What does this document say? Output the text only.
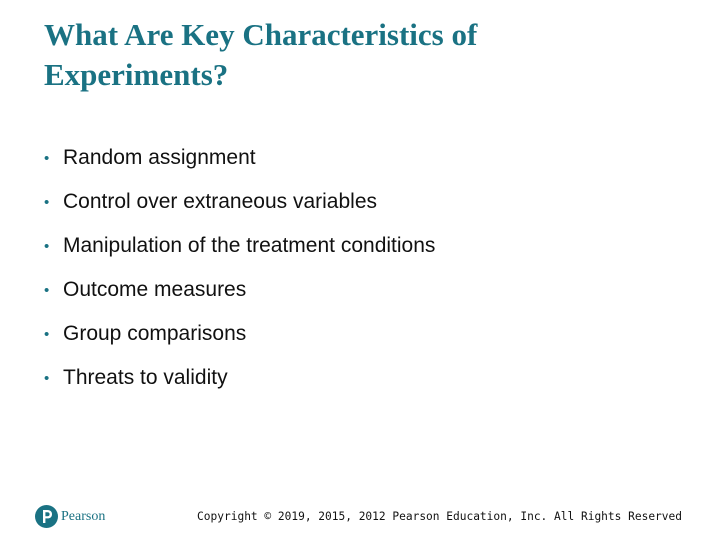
What Are Key Characteristics of
Experiments?
• Random assignment
• Control over extraneous variables
• Manipulation of the treatment conditions
• Outcome measures
• Group comparisons
• Threats to validity
Pearson	Copyright © 2019, 2015, 2012 Pearson Education, Inc. All Rights Reserved
